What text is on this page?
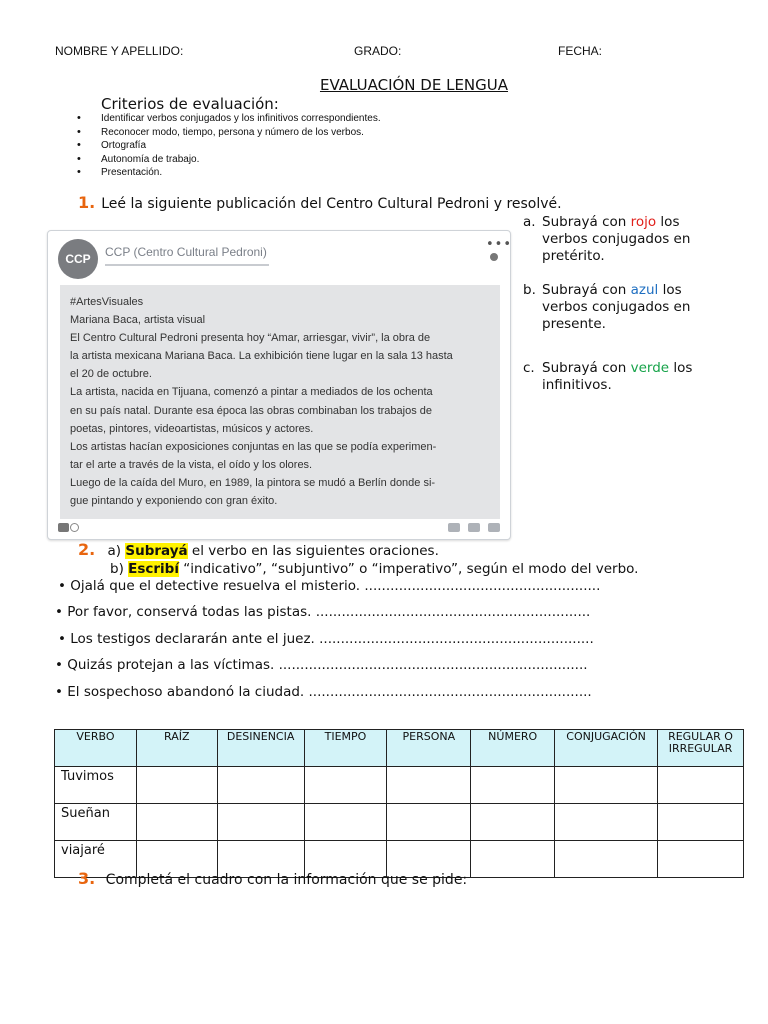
NOMBRE Y APELLIDO:	GRADO:	FECHA:
EVALUACIÓN DE LENGUA
Criterios de evaluación:
• Identificar verbos conjugados y los infinitivos correspondientes.
• Reconocer modo, tiempo, persona y número de los verbos.
• Ortografía
• Autonomía de trabajo.
• Presentación.
1. Leé la siguiente publicación del Centro Cultural Pedroni y resolvé.
CCP	CCP (Centro Cultural Pedroni)	•••

#ArtesVisuales
Mariana Baca, artista visual
El Centro Cultural Pedroni presenta hoy “Amar, arriesgar, vivir”, la obra de
la artista mexicana Mariana Baca. La exhibición tiene lugar en la sala 13 hasta
el 20 de octubre.
La artista, nacida en Tijuana, comenzó a pintar a mediados de los ochenta
en su país natal. Durante esa época las obras combinaban los trabajos de
poetas, pintores, videoartistas, músicos y actores.
Los artistas hacían exposiciones conjuntas en las que se podía experimen-
tar el arte a través de la vista, el oído y los olores.
Luego de la caída del Muro, en 1989, la pintora se mudó a Berlín donde si-
gue pintando y exponiendo con gran éxito.

a. Subrayá con rojo los verbos conjugados en pretérito.
b. Subrayá con azul los verbos conjugados en presente.
c. Subrayá con verde los infinitivos.
2. a) Subrayá el verbo en las siguientes oraciones.
b) Escribí “indicativo”, “subjuntivo” o “imperativo”, según el modo del verbo.
• Ojalá que el detective resuelva el misterio. .......................................................
• Por favor, conservá todas las pistas. ................................................................
• Los testigos declararán ante el juez. ................................................................
• Quizás protejan a las víctimas. ........................................................................
• El sospechoso abandonó la ciudad. ..................................................................
VERBO	RAÍZ	DESINENCIA	TIEMPO	PERSONA	NÚMERO	CONJUGACIÓN	REGULAR O IRREGULAR
Tuvimos							
Sueñan							
viajaré							
3. Completá el cuadro con la información que se pide:
